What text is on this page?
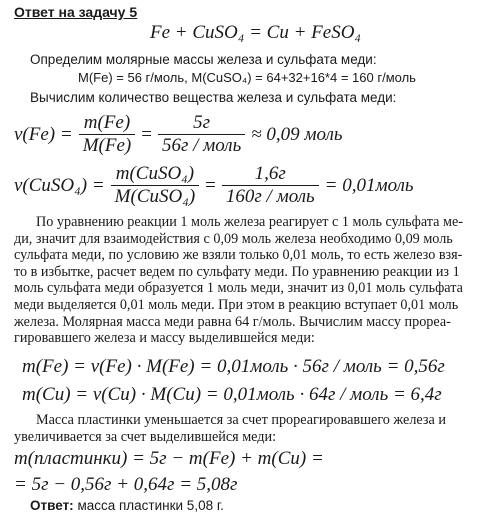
Ответ на задачу 5
Fe + CuSO₄ = Cu + FeSO₄
Определим молярные массы железа и сульфата меди:
M(Fe) = 56 г/моль, M(CuSO₄) = 64+32+16*4 = 160 г/моль
Вычислим количество вещества железа и сульфата меди:
$\nu(Fe) = \frac{m(Fe)}{M(Fe)} = \frac{5г}{\text{56г / моль}} \approx 0,09$ моль
ν(CuSO₄) = $\frac{\text{m(CuSO₄)}}{\text{M(CuSO₄)}} = \frac{1,6г}{\text{160г / моль}}$ = 0,01моль
По уравнению реакции 1 моль железа реагирует с 1 моль сульфата ме-
ди, значит для взаимодействия с 0,09 моль железа необходимо 0,09 моль
сульфата меди, по условию же взяли только 0,01 моль, то есть железо взя-
то в избытке, расчет ведем по сульфату меди. По уравнению реакции из 1
моль сульфата меди образуется 1 моль меди, значит из 0,01 моль сульфата
меди выделяется 0,01 моль меди. При этом в реакцию вступает 0,01 моль
железа. Молярная масса меди равна 64 г/моль. Вычислим массу прореа-
гировавшего железа и массу выделившейся меди:
m(Fe) = ν(Fe) · M(Fe) = 0,01моль · 56г / моль = 0,56г
m(Cu) = ν(Cu) · M(Cu) = 0,01моль · 64г / моль = 6,4г
Масса пластинки уменьшается за счет прореагировавшего железа и
увеличивается за счет выделившейся меди:
m(пластинки) = 5г − m(Fe) + m(Cu) =
= 5г − 0,56г + 0,64г = 5,08г
Ответ: масса пластинки 5,08 г.
